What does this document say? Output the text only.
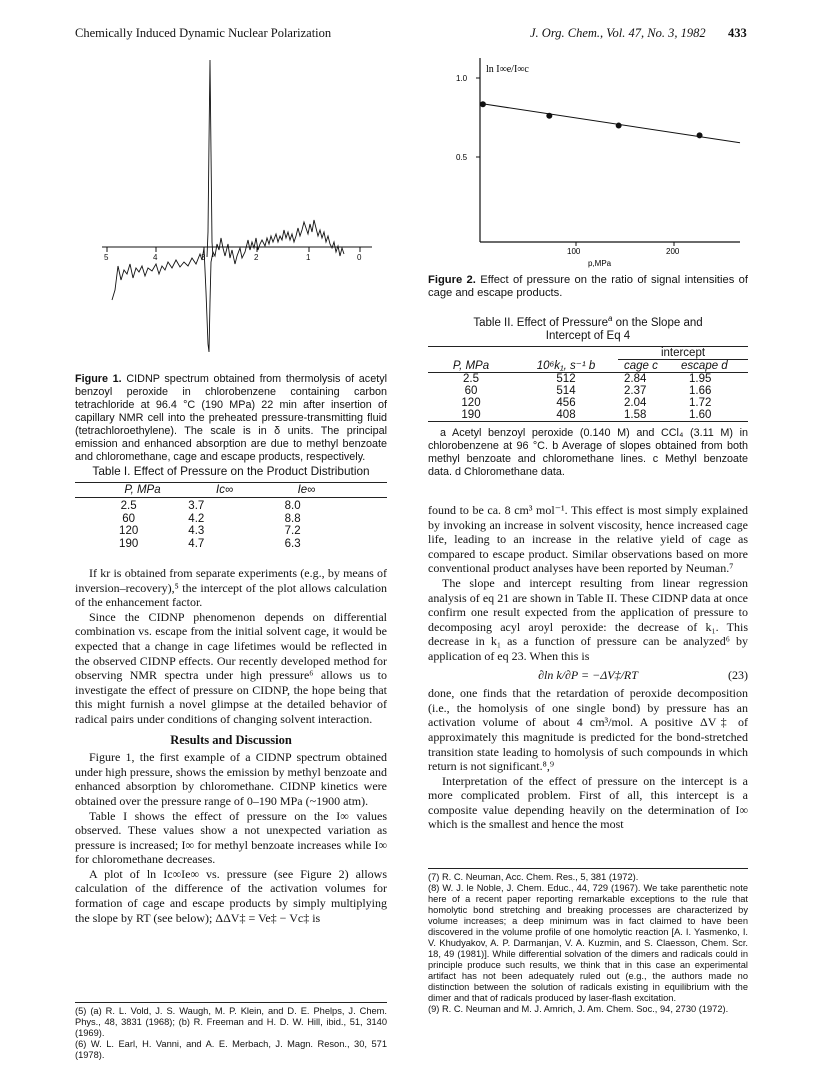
Chemically Induced Dynamic Nuclear Polarization	J. Org. Chem., Vol. 47, No. 3, 1982 433
5	4	3	2	1	0
Figure 1. CIDNP spectrum obtained from thermolysis of acetyl benzoyl peroxide in chlorobenzene containing carbon tetrachloride at 96.4 °C (190 MPa) 22 min after insertion of capillary NMR cell into the preheated pressure-transmitting fluid (tetrachloroethylene). The scale is in δ units. The principal emission and enhanced absorption are due to methyl benzoate and chloromethane, cage and escape products, respectively.
Table I. Effect of Pressure on the Product Distribution
P, MPa	Ic∞	Ie∞
2.5	3.7	8.0
60	4.2	8.8
120	4.3	7.2
190	4.7	6.3

If kr is obtained from separate experiments (e.g., by means of inversion–recovery),⁵ the intercept of the plot allows calculation of the enhancement factor.

Since the CIDNP phenomenon depends on differential combination vs. escape from the initial solvent cage, it would be expected that a change in cage lifetimes would be reflected in the observed CIDNP effects. Our recently developed method for observing NMR spectra under high pressure⁶ allows us to investigate the effect of pressure on CIDNP, the hope being that this might furnish a novel glimpse at the detailed behavior of radical pairs under conditions of changing solvent interaction.

Results and Discussion

Figure 1, the first example of a CIDNP spectrum obtained under high pressure, shows the emission by methyl benzoate and enhanced absorption by chloromethane. CIDNP kinetics were obtained over the pressure range of 0–190 MPa (~1900 atm).

Table I shows the effect of pressure on the I∞ values observed. These values show a not unexpected variation as pressure is increased; I∞ for methyl benzoate increases while I∞ for chloromethane decreases.

A plot of ln Ic∞Ie∞ vs. pressure (see Figure 2) allows calculation of the difference of the activation volumes for formation of cage and escape products by simply multiplying the slope by RT (see below); ΔΔV‡ = Ve‡ − Vc‡ is

(5) (a) R. L. Vold, J. S. Waugh, M. P. Klein, and D. E. Phelps, J. Chem. Phys., 48, 3831 (1968); (b) R. Freeman and H. D. W. Hill, ibid., 51, 3140 (1969).
(6) W. L. Earl, H. Vanni, and A. E. Merbach, J. Magn. Reson., 30, 571 (1978).
ln I∞e/I∞c
1.0
0.5
100	200
p,MPa
Figure 2. Effect of pressure on the ratio of signal intensities of cage and escape products.
Table II. Effect of Pressure$^a$ on the Slope and
Intercept of Eq 4
		intercept	
P, MPa	10⁶k₁, s⁻¹ b	cage c	escape d
2.5	512	2.84	1.95
60	514	2.37	1.66
120	456	2.04	1.72
190	408	1.58	1.60
a Acetyl benzoyl peroxide (0.140 M) and CCl₄ (3.11 M) in chlorobenzene at 96 °C. b Average of slopes obtained from both methyl benzoate and chloromethane lines. c Methyl benzoate data. d Chloromethane data.

found to be ca. 8 cm³ mol⁻¹. This effect is most simply explained by invoking an increase in solvent viscosity, hence increased cage life, leading to an increase in the relative yield of cage as compared to escape product. Similar observations based on more conventional product analyses have been reported by Neuman.⁷

The slope and intercept resulting from linear regression analysis of eq 21 are shown in Table II. These CIDNP data at once confirm one result expected from the application of pressure to decomposing acyl aroyl peroxide: the decrease of k₁. This decrease in k₁ as a function of pressure can be analyzed⁶ by application of eq 23. When this is

∂ln k/∂P = −ΔV‡/RT	(23)

done, one finds that the retardation of peroxide decomposition (i.e., the homolysis of one single bond) by pressure has an activation volume of about 4 cm³/mol. A positive ΔV‡ of approximately this magnitude is predicted for the bond-stretched transition state leading to homolysis of such compounds in which return is not significant.⁸,⁹

Interpretation of the effect of pressure on the intercept is a more complicated problem. First of all, this intercept is a composite value depending heavily on the determination of I∞ which is the smallest and hence the most

(7) R. C. Neuman, Acc. Chem. Res., 5, 381 (1972).
(8) W. J. le Noble, J. Chem. Educ., 44, 729 (1967). We take parenthetic note here of a recent paper reporting remarkable exceptions to the rule that homolytic bond stretching and breaking processes are characterized by volume increases; a deep minimum was in fact claimed to have been discovered in the volume profile of one homolytic reaction [A. I. Yasmenko, I. V. Khudyakov, A. P. Darmanjan, V. A. Kuzmin, and S. Claesson, Chem. Scr. 18, 49 (1981)]. While differential solvation of the dimers and radicals could in principle produce such results, we think that in this case an experimental artifact has not been adequately ruled out (e.g., the authors made no distinction between the solution of radicals existing in equilibrium with the dimer and that of radicals produced by laser-flash excitation.
(9) R. C. Neuman and M. J. Amrich, J. Am. Chem. Soc., 94, 2730 (1972).
